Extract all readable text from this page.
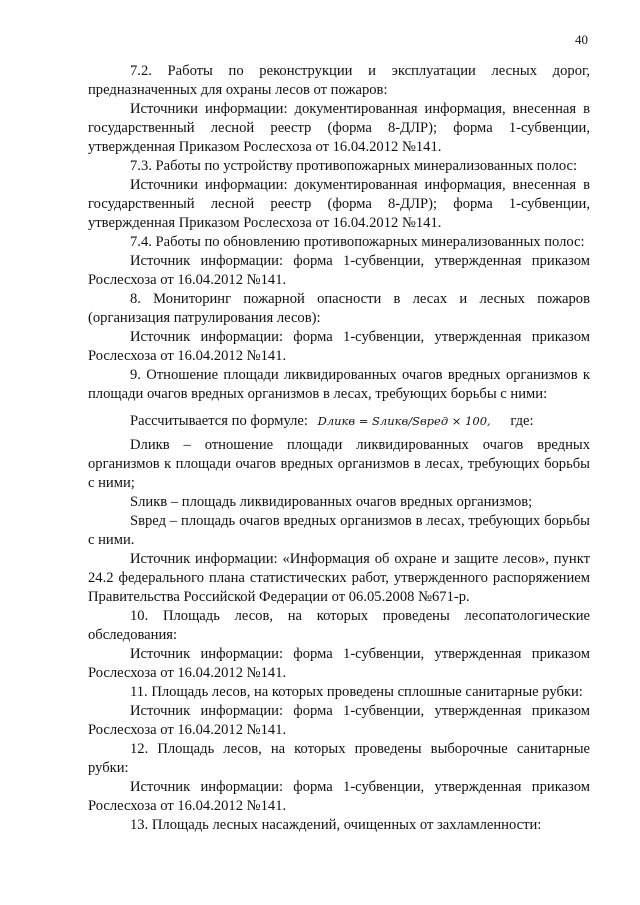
40

7.2. Работы по реконструкции и эксплуатации лесных дорог, предназначенных для охраны лесов от пожаров:

Источники информации: документированная информация, внесенная в государственный лесной реестр (форма 8-ДЛР); форма 1-субвенции, утвержденная Приказом Рослесхоза от 16.04.2012 №141.

7.3. Работы по устройству противопожарных минерализованных полос:

Источники информации: документированная информация, внесенная в государственный лесной реестр (форма 8-ДЛР); форма 1-субвенции, утвержденная Приказом Рослесхоза от 16.04.2012 №141.

7.4. Работы по обновлению противопожарных минерализованных полос:

Источник информации: форма 1-субвенции, утвержденная приказом Рослесхоза от 16.04.2012 №141.

8. Мониторинг пожарной опасности в лесах и лесных пожаров (организация патрулирования лесов):

Источник информации: форма 1-субвенции, утвержденная приказом Рослесхоза от 16.04.2012 №141.

9. Отношение площади ликвидированных очагов вредных организмов к площади очагов вредных организмов в лесах, требующих борьбы с ними:

Рассчитывается по формуле: Dликв = Sликв/Sвред × 100, где:

Dликв – отношение площади ликвидированных очагов вредных организмов к площади очагов вредных организмов в лесах, требующих борьбы с ними;

Sликв – площадь ликвидированных очагов вредных организмов;

Sвред – площадь очагов вредных организмов в лесах, требующих борьбы с ними.

Источник информации: «Информация об охране и защите лесов», пункт 24.2 федерального плана статистических работ, утвержденного распоряжением Правительства Российской Федерации от 06.05.2008 №671-р.

10. Площадь лесов, на которых проведены лесопатологические обследования:

Источник информации: форма 1-субвенции, утвержденная приказом Рослесхоза от 16.04.2012 №141.

11. Площадь лесов, на которых проведены сплошные санитарные рубки:

Источник информации: форма 1-субвенции, утвержденная приказом Рослесхоза от 16.04.2012 №141.

12. Площадь лесов, на которых проведены выборочные санитарные рубки:

Источник информации: форма 1-субвенции, утвержденная приказом Рослесхоза от 16.04.2012 №141.

13. Площадь лесных насаждений, очищенных от захламленности:
